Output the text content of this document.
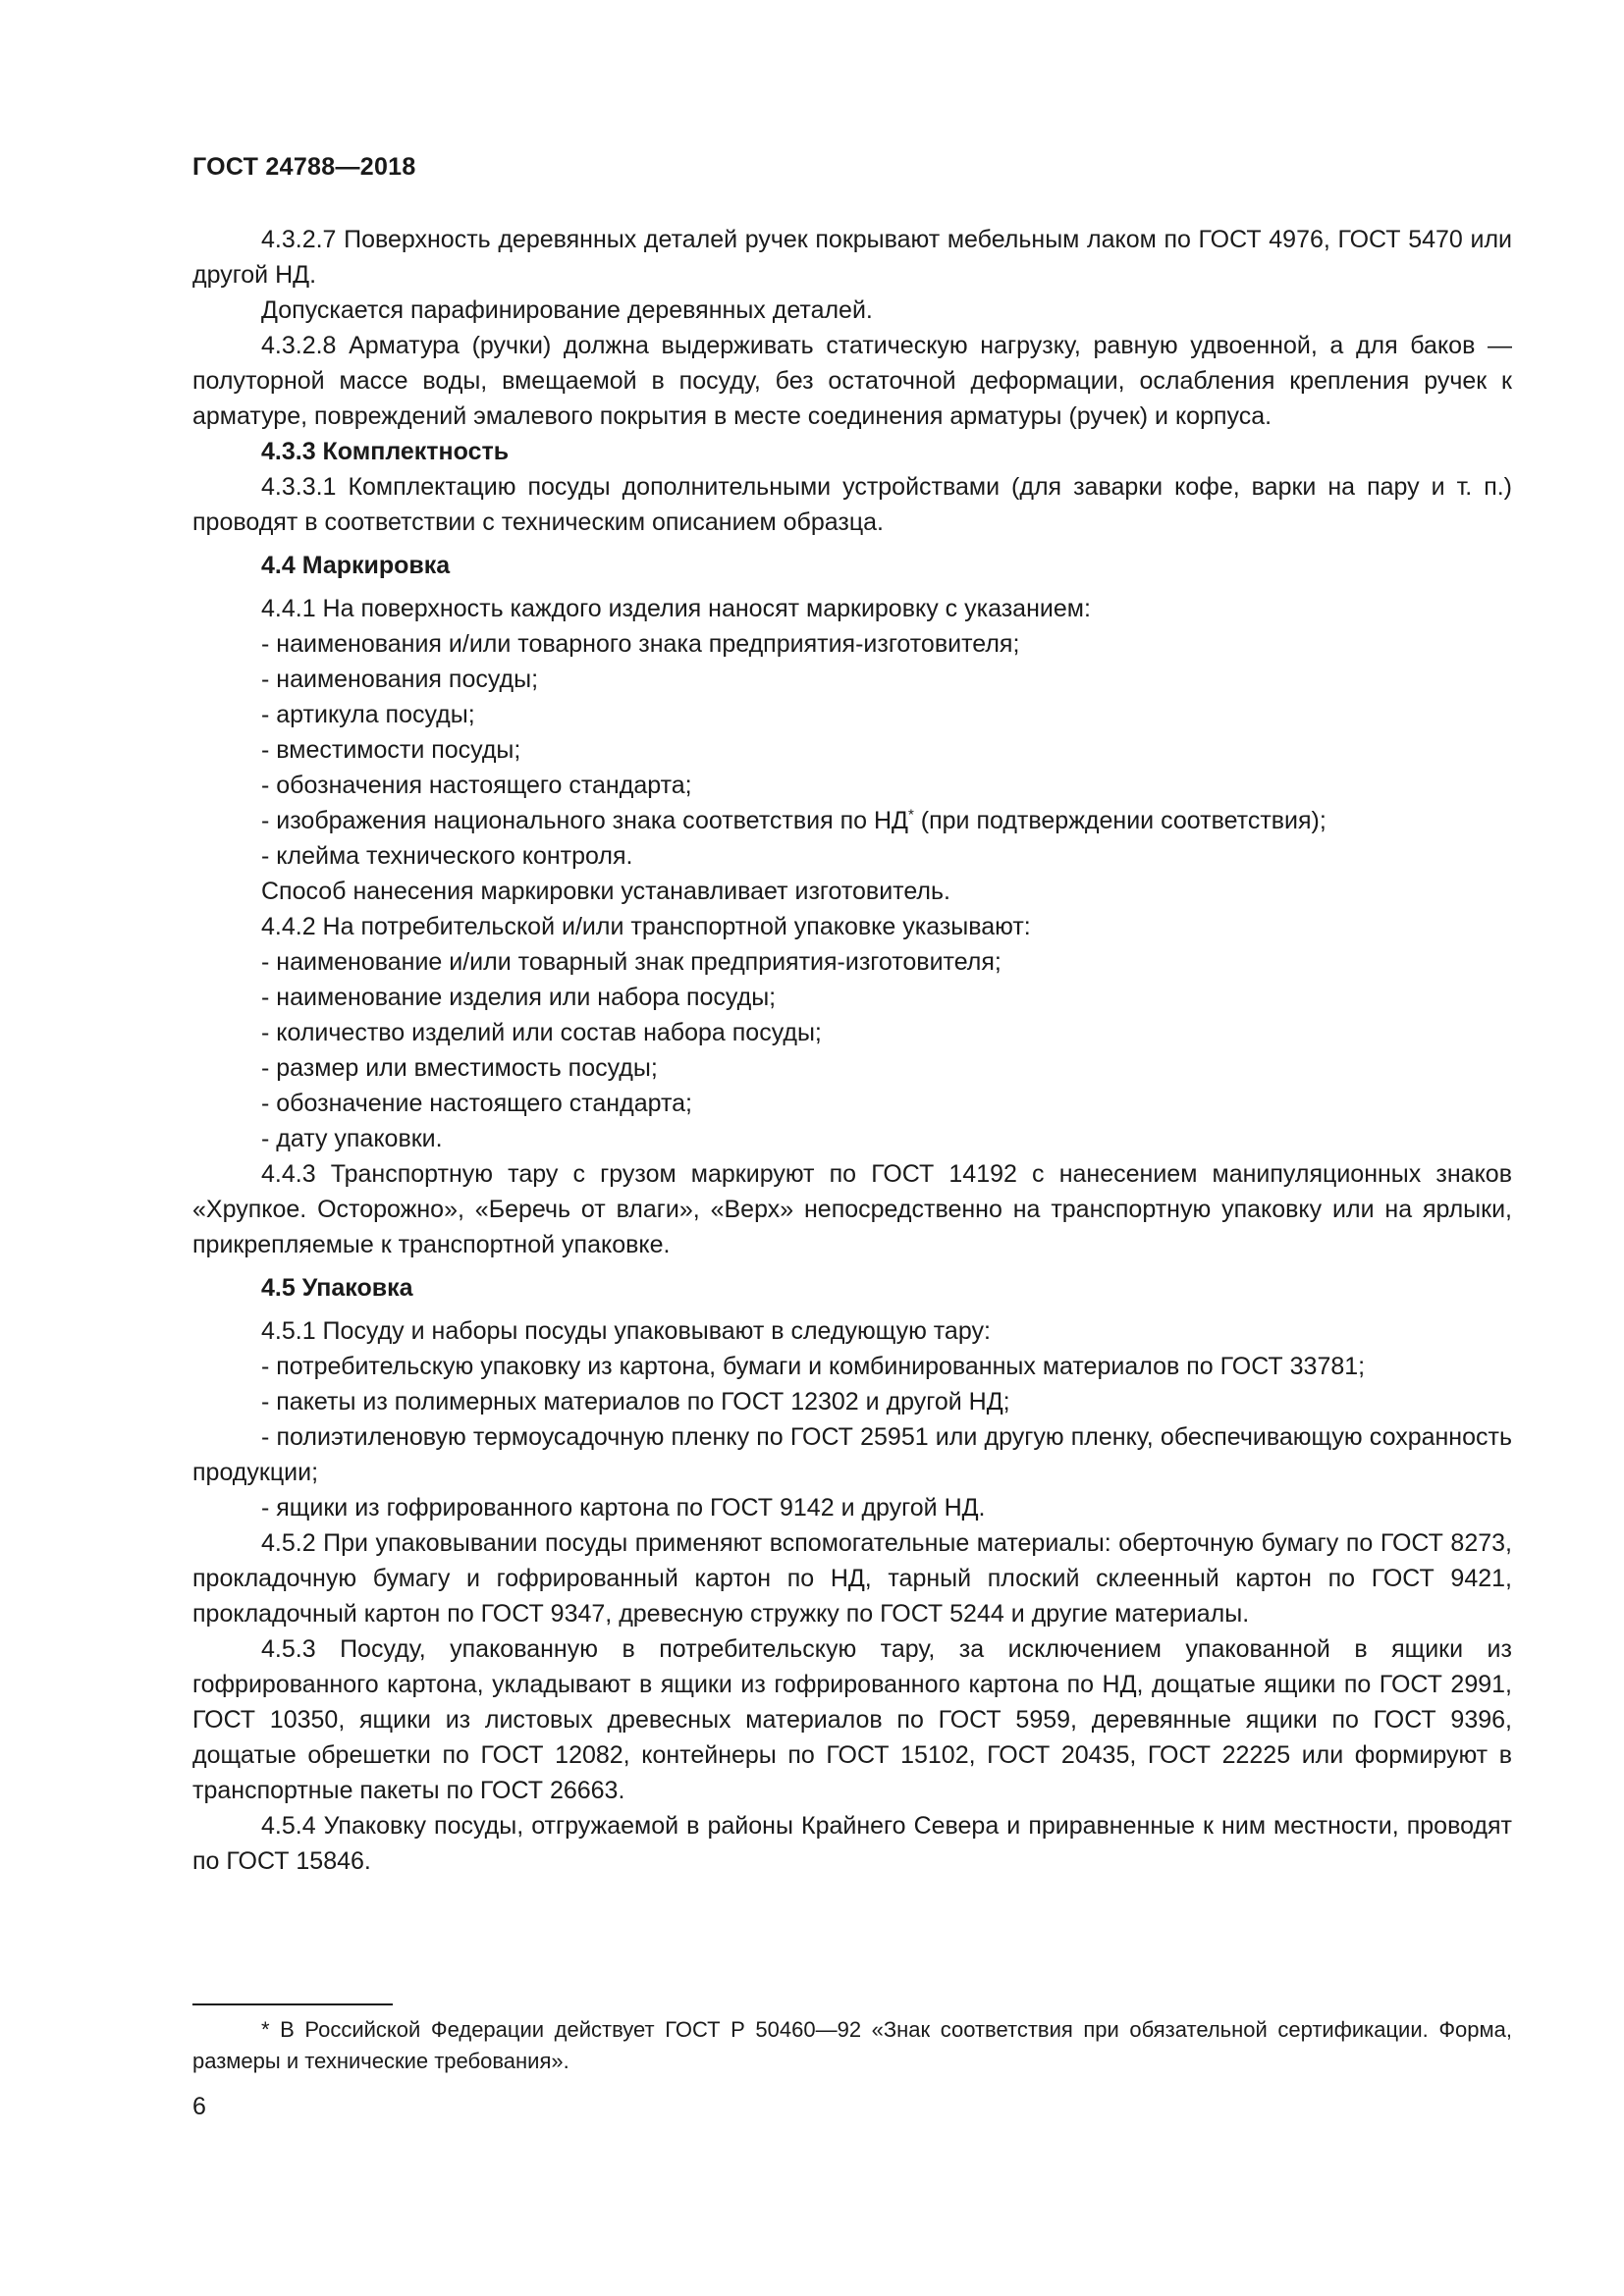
ГОСТ 24788—2018

4.3.2.7 Поверхность деревянных деталей ручек покрывают мебельным лаком по ГОСТ 4976, ГОСТ 5470 или другой НД.

Допускается парафинирование деревянных деталей.

4.3.2.8 Арматура (ручки) должна выдерживать статическую нагрузку, равную удвоенной, а для баков — полуторной массе воды, вмещаемой в посуду, без остаточной деформации, ослабления крепления ручек к арматуре, повреждений эмалевого покрытия в месте соединения арматуры (ручек) и корпуса.

4.3.3 Комплектность

4.3.3.1 Комплектацию посуды дополнительными устройствами (для заварки кофе, варки на пару и т. п.) проводят в соответствии с техническим описанием образца.

4.4 Маркировка

4.4.1 На поверхность каждого изделия наносят маркировку с указанием:

- наименования и/или товарного знака предприятия-изготовителя;

- наименования посуды;

- артикула посуды;

- вместимости посуды;

- обозначения настоящего стандарта;

- изображения национального знака соответствия по НД* (при подтверждении соответствия);

- клейма технического контроля.

Способ нанесения маркировки устанавливает изготовитель.

4.4.2 На потребительской и/или транспортной упаковке указывают:

- наименование и/или товарный знак предприятия-изготовителя;

- наименование изделия или набора посуды;

- количество изделий или состав набора посуды;

- размер или вместимость посуды;

- обозначение настоящего стандарта;

- дату упаковки.

4.4.3 Транспортную тару с грузом маркируют по ГОСТ 14192 с нанесением манипуляционных знаков «Хрупкое. Осторожно», «Беречь от влаги», «Верх» непосредственно на транспортную упаковку или на ярлыки, прикрепляемые к транспортной упаковке.

4.5 Упаковка

4.5.1 Посуду и наборы посуды упаковывают в следующую тару:

- потребительскую упаковку из картона, бумаги и комбинированных материалов по ГОСТ 33781;

- пакеты из полимерных материалов по ГОСТ 12302 и другой НД;

- полиэтиленовую термоусадочную пленку по ГОСТ 25951 или другую пленку, обеспечивающую сохранность продукции;

- ящики из гофрированного картона по ГОСТ 9142 и другой НД.

4.5.2 При упаковывании посуды применяют вспомогательные материалы: оберточную бумагу по ГОСТ 8273, прокладочную бумагу и гофрированный картон по НД, тарный плоский склеенный картон по ГОСТ 9421, прокладочный картон по ГОСТ 9347, древесную стружку по ГОСТ 5244 и другие материалы.

4.5.3 Посуду, упакованную в потребительскую тару, за исключением упакованной в ящики из гофрированного картона, укладывают в ящики из гофрированного картона по НД, дощатые ящики по ГОСТ 2991, ГОСТ 10350, ящики из листовых древесных материалов по ГОСТ 5959, деревянные ящики по ГОСТ 9396, дощатые обрешетки по ГОСТ 12082, контейнеры по ГОСТ 15102, ГОСТ 20435, ГОСТ 22225 или формируют в транспортные пакеты по ГОСТ 26663.

4.5.4 Упаковку посуды, отгружаемой в районы Крайнего Севера и приравненные к ним местности, проводят по ГОСТ 15846.

* В Российской Федерации действует ГОСТ Р 50460—92 «Знак соответствия при обязательной сертификации. Форма, размеры и технические требования».

6
